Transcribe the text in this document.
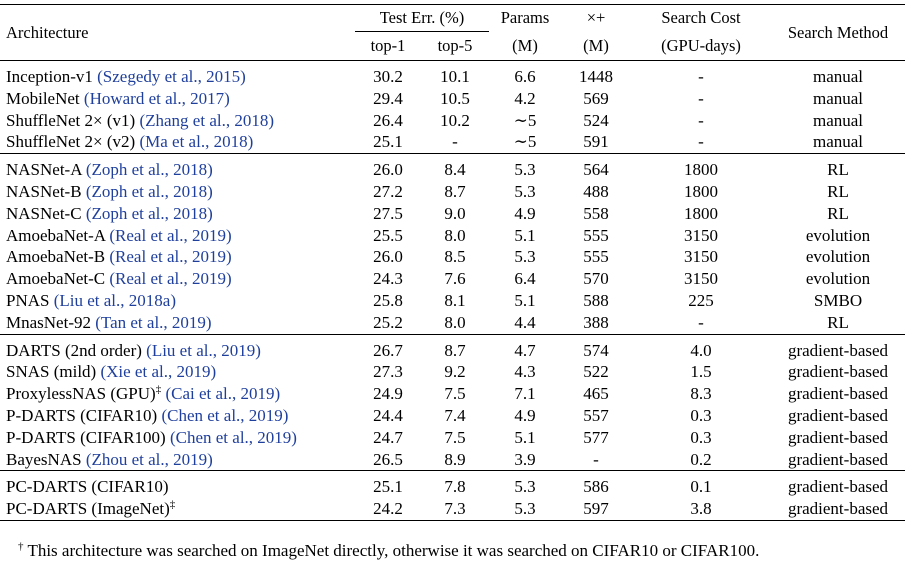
Architecture	Test Err. (%)		Params	×+	Search Cost	Search Method
	top-1	top-5	(M)	(M)	(GPU-days)	
Inception-v1 (Szegedy et al., 2015)	30.2	10.1	6.6	1448	-	manual
MobileNet (Howard et al., 2017)	29.4	10.5	4.2	569	-	manual
ShuffleNet 2× (v1) (Zhang et al., 2018)	26.4	10.2	∼5	524	-	manual
ShuffleNet 2× (v2) (Ma et al., 2018)	25.1	-	∼5	591	-	manual
NASNet-A (Zoph et al., 2018)	26.0	8.4	5.3	564	1800	RL
NASNet-B (Zoph et al., 2018)	27.2	8.7	5.3	488	1800	RL
NASNet-C (Zoph et al., 2018)	27.5	9.0	4.9	558	1800	RL
AmoebaNet-A (Real et al., 2019)	25.5	8.0	5.1	555	3150	evolution
AmoebaNet-B (Real et al., 2019)	26.0	8.5	5.3	555	3150	evolution
AmoebaNet-C (Real et al., 2019)	24.3	7.6	6.4	570	3150	evolution
PNAS (Liu et al., 2018a)	25.8	8.1	5.1	588	225	SMBO
MnasNet-92 (Tan et al., 2019)	25.2	8.0	4.4	388	-	RL
DARTS (2nd order) (Liu et al., 2019)	26.7	8.7	4.7	574	4.0	gradient-based
SNAS (mild) (Xie et al., 2019)	27.3	9.2	4.3	522	1.5	gradient-based
ProxylessNAS (GPU)‡ (Cai et al., 2019)	24.9	7.5	7.1	465	8.3	gradient-based
P-DARTS (CIFAR10) (Chen et al., 2019)	24.4	7.4	4.9	557	0.3	gradient-based
P-DARTS (CIFAR100) (Chen et al., 2019)	24.7	7.5	5.1	577	0.3	gradient-based
BayesNAS (Zhou et al., 2019)	26.5	8.9	3.9	-	0.2	gradient-based
PC-DARTS (CIFAR10)	25.1	7.8	5.3	586	0.1	gradient-based
PC-DARTS (ImageNet)‡	24.2	7.3	5.3	597	3.8	gradient-based
† This architecture was searched on ImageNet directly, otherwise it was searched on CIFAR10 or CIFAR100.
